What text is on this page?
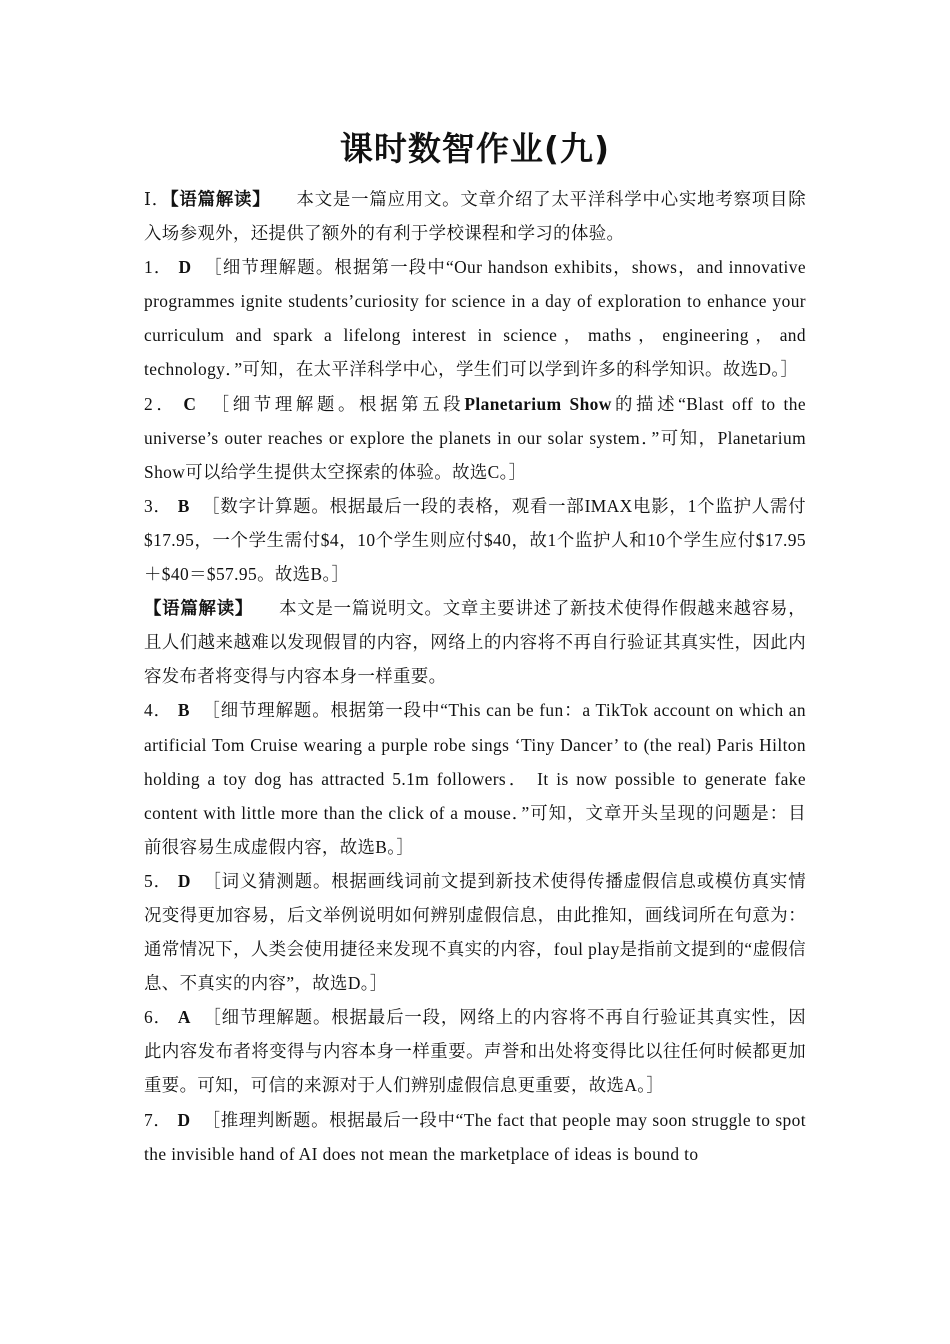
课时数智作业(九)

Ⅰ．【语篇解读】 本文是一篇应用文。文章介绍了太平洋科学中心实地考察项目除入场参观外，还提供了额外的有利于学校课程和学习的体验。

1． D ［细节理解题。根据第一段中“Our handson exhibits，shows，and innovative programmes ignite students’curiosity for science in a day of exploration to enhance your curriculum and spark a lifelong interest in science，maths，engineering，and technology．”可知，在太平洋科学中心，学生们可以学到许多的科学知识。故选D。］

2． C ［细节理解题。根据第五段Planetarium Show的描述“Blast off to the universe’s outer reaches or explore the planets in our solar system．”可知，Planetarium Show可以给学生提供太空探索的体验。故选C。］

3． B ［数字计算题。根据最后一段的表格，观看一部IMAX电影，1个监护人需付$17.95，一个学生需付$4，10个学生则应付$40，故1个监护人和10个学生应付$17.95＋$40＝$57.95。故选B。］

【语篇解读】 本文是一篇说明文。文章主要讲述了新技术使得作假越来越容易，且人们越来越难以发现假冒的内容，网络上的内容将不再自行验证其真实性，因此内容发布者将变得与内容本身一样重要。

4． B ［细节理解题。根据第一段中“This can be fun：a TikTok account on which an artificial Tom Cruise wearing a purple robe sings ‘Tiny Dancer’ to (the real) Paris Hilton holding a toy dog has attracted 5.1m followers． It is now possible to generate fake content with little more than the click of a mouse．”可知，文章开头呈现的问题是：目前很容易生成虚假内容，故选B。］

5． D ［词义猜测题。根据画线词前文提到新技术使得传播虚假信息或模仿真实情况变得更加容易，后文举例说明如何辨别虚假信息，由此推知，画线词所在句意为：通常情况下，人类会使用捷径来发现不真实的内容，foul play是指前文提到的“虚假信息、不真实的内容”，故选D。］

6． A ［细节理解题。根据最后一段，网络上的内容将不再自行验证其真实性，因此内容发布者将变得与内容本身一样重要。声誉和出处将变得比以往任何时候都更加重要。可知，可信的来源对于人们辨别虚假信息更重要，故选A。］

7． D ［推理判断题。根据最后一段中“The fact that people may soon struggle to spot the invisible hand of AI does not mean the marketplace of ideas is bound to
